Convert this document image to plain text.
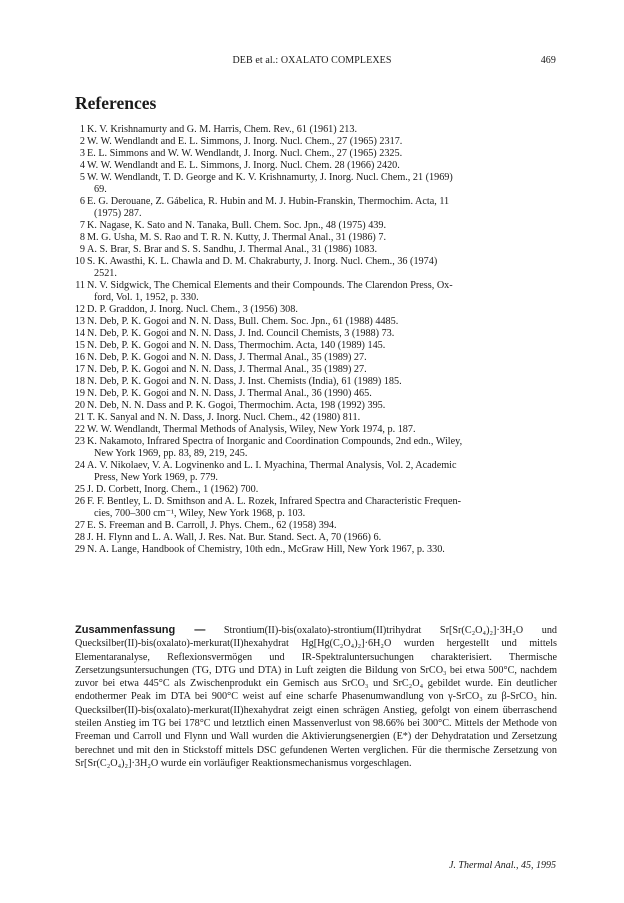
DEB et al.: OXALATO COMPLEXES	469
References
1 K. V. Krishnamurty and G. M. Harris, Chem. Rev., 61 (1961) 213.
2 W. W. Wendlandt and E. L. Simmons, J. Inorg. Nucl. Chem., 27 (1965) 2317.
3 E. L. Simmons and W. W. Wendlandt, J. Inorg. Nucl. Chem., 27 (1965) 2325.
4 W. W. Wendlandt and E. L. Simmons, J. Inorg. Nucl. Chem. 28 (1966) 2420.
5 W. W. Wendlandt, T. D. George and K. V. Krishnamurty, J. Inorg. Nucl. Chem., 21 (1969)
69.
6 E. G. Derouane, Z. Gábelica, R. Hubin and M. J. Hubin-Franskin, Thermochim. Acta, 11
(1975) 287.
7 K. Nagase, K. Sato and N. Tanaka, Bull. Chem. Soc. Jpn., 48 (1975) 439.
8 M. G. Usha, M. S. Rao and T. R. N. Kutty, J. Thermal Anal., 31 (1986) 7.
9 A. S. Brar, S. Brar and S. S. Sandhu, J. Thermal Anal., 31 (1986) 1083.
10 S. K. Awasthi, K. L. Chawla and D. M. Chakraburty, J. Inorg. Nucl. Chem., 36 (1974)
2521.
11 N. V. Sidgwick, The Chemical Elements and their Compounds. The Clarendon Press, Ox-
ford, Vol. 1, 1952, p. 330.
12 D. P. Graddon, J. Inorg. Nucl. Chem., 3 (1956) 308.
13 N. Deb, P. K. Gogoi and N. N. Dass, Bull. Chem. Soc. Jpn., 61 (1988) 4485.
14 N. Deb, P. K. Gogoi and N. N. Dass, J. Ind. Council Chemists, 3 (1988) 73.
15 N. Deb, P. K. Gogoi and N. N. Dass, Thermochim. Acta, 140 (1989) 145.
16 N. Deb, P. K. Gogoi and N. N. Dass, J. Thermal Anal., 35 (1989) 27.
17 N. Deb, P. K. Gogoi and N. N. Dass, J. Thermal Anal., 35 (1989) 27.
18 N. Deb, P. K. Gogoi and N. N. Dass, J. Inst. Chemists (India), 61 (1989) 185.
19 N. Deb, P. K. Gogoi and N. N. Dass, J. Thermal Anal., 36 (1990) 465.
20 N. Deb, N. N. Dass and P. K. Gogoi, Thermochim. Acta, 198 (1992) 395.
21 T. K. Sanyal and N. N. Dass, J. Inorg. Nucl. Chem., 42 (1980) 811.
22 W. W. Wendlandt, Thermal Methods of Analysis, Wiley, New York 1974, p. 187.
23 K. Nakamoto, Infrared Spectra of Inorganic and Coordination Compounds, 2nd edn., Wiley,
New York 1969, pp. 83, 89, 219, 245.
24 A. V. Nikolaev, V. A. Logvinenko and L. I. Myachina, Thermal Analysis, Vol. 2, Academic
Press, New York 1969, p. 779.
25 J. D. Corbett, Inorg. Chem., 1 (1962) 700.
26 F. F. Bentley, L. D. Smithson and A. L. Rozek, Infrared Spectra and Characteristic Frequen-
cies, 700–300 cm⁻¹, Wiley, New York 1968, p. 103.
27 E. S. Freeman and B. Carroll, J. Phys. Chem., 62 (1958) 394.
28 J. H. Flynn and L. A. Wall, J. Res. Nat. Bur. Stand. Sect. A, 70 (1966) 6.
29 N. A. Lange, Handbook of Chemistry, 10th edn., McGraw Hill, New York 1967, p. 330.

Zusammenfassung — Strontium(II)-bis(oxalato)-strontium(II)trihydrat Sr[Sr(C₂O₄)₂]·3H₂O und Quecksilber(II)-bis(oxalato)-merkurat(II)hexahydrat Hg[Hg(C₂O₄)₂]·6H₂O wurden hergestellt und mittels Elementaranalyse, Reflexionsvermögen und IR-Spektraluntersuchungen charakterisiert. Thermische Zersetzungsuntersuchungen (TG, DTG und DTA) in Luft zeigten die Bildung von SrCO₃ bei etwa 500°C, nachdem zuvor bei etwa 445°C als Zwischenprodukt ein Gemisch aus SrCO₃ und SrC₂O₄ gebildet wurde. Ein deutlicher endothermer Peak im DTA bei 900°C weist auf eine scharfe Phasenumwandlung von γ-SrCO₃ zu β-SrCO₃ hin. Quecksilber(II)-bis(oxalato)-merkurat(II)hexahydrat zeigt einen schrägen Anstieg, gefolgt von einem überraschend steilen Anstieg im TG bei 178°C und letztlich einen Massenverlust von 98.66% bei 300°C. Mittels der Methode von Freeman und Carroll und Flynn und Wall wurden die Aktivierungsenergien (E*) der Dehydratation und Zersetzung berechnet und mit den in Stickstoff mittels DSC gefundenen Werten verglichen. Für die thermische Zersetzung von Sr[Sr(C₂O₄)₂]·3H₂O wurde ein vorläufiger Reaktionsmechanismus vorgeschlagen.

J. Thermal Anal., 45, 1995
